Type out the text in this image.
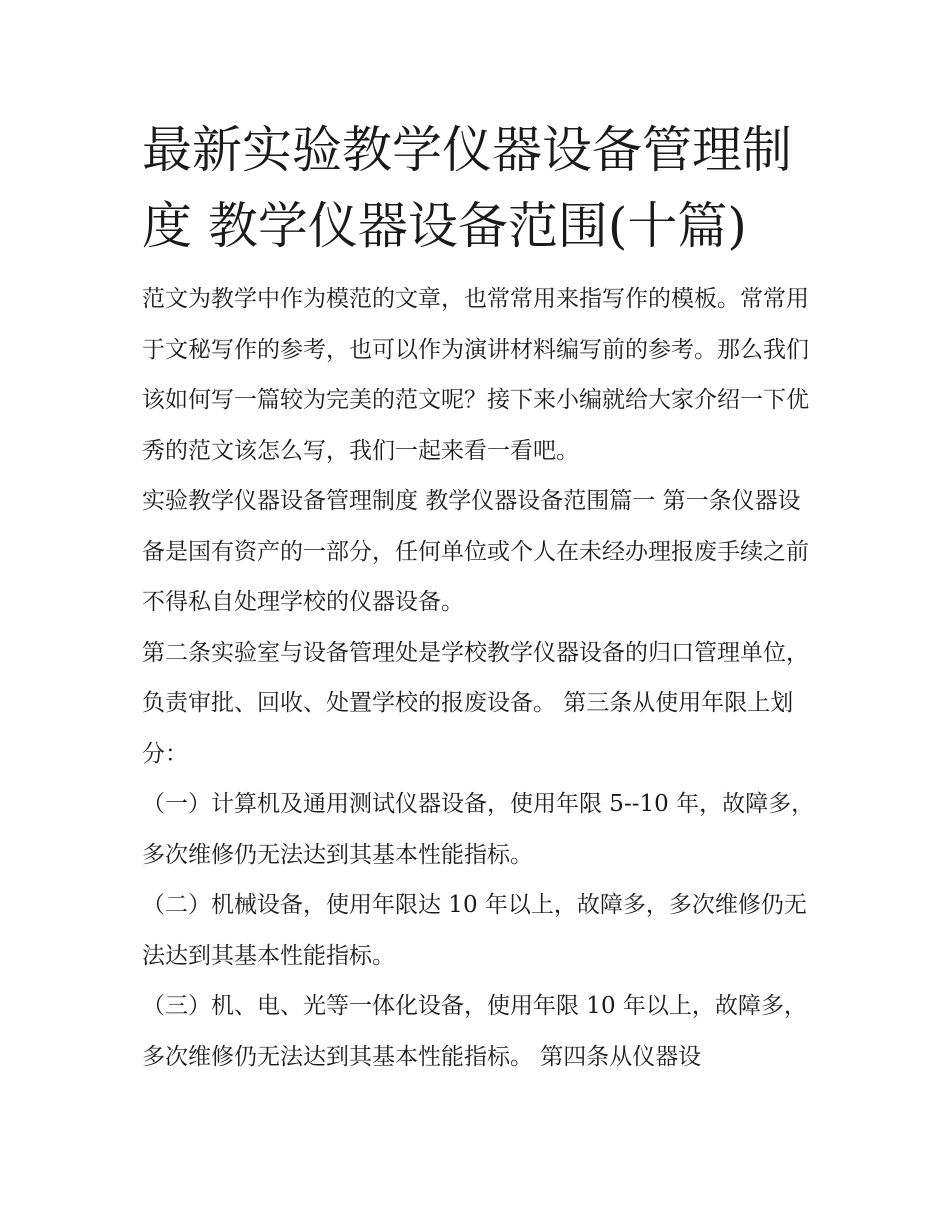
最新实验教学仪器设备管理制度 教学仪器设备范围(十篇)

范文为教学中作为模范的文章，也常常用来指写作的模板。常常用于文秘写作的参考，也可以作为演讲材料编写前的参考。那么我们该如何写一篇较为完美的范文呢？接下来小编就给大家介绍一下优秀的范文该怎么写，我们一起来看一看吧。

实验教学仪器设备管理制度 教学仪器设备范围篇一 第一条仪器设备是国有资产的一部分，任何单位或个人在未经办理报废手续之前不得私自处理学校的仪器设备。

第二条实验室与设备管理处是学校教学仪器设备的归口管理单位，负责审批、回收、处置学校的报废设备。 第三条从使用年限上划分：

（一）计算机及通用测试仪器设备，使用年限 5--10 年，故障多，多次维修仍无法达到其基本性能指标。

（二）机械设备，使用年限达 10 年以上，故障多，多次维修仍无法达到其基本性能指标。

（三）机、电、光等一体化设备，使用年限 10 年以上，故障多，多次维修仍无法达到其基本性能指标。 第四条从仪器设
